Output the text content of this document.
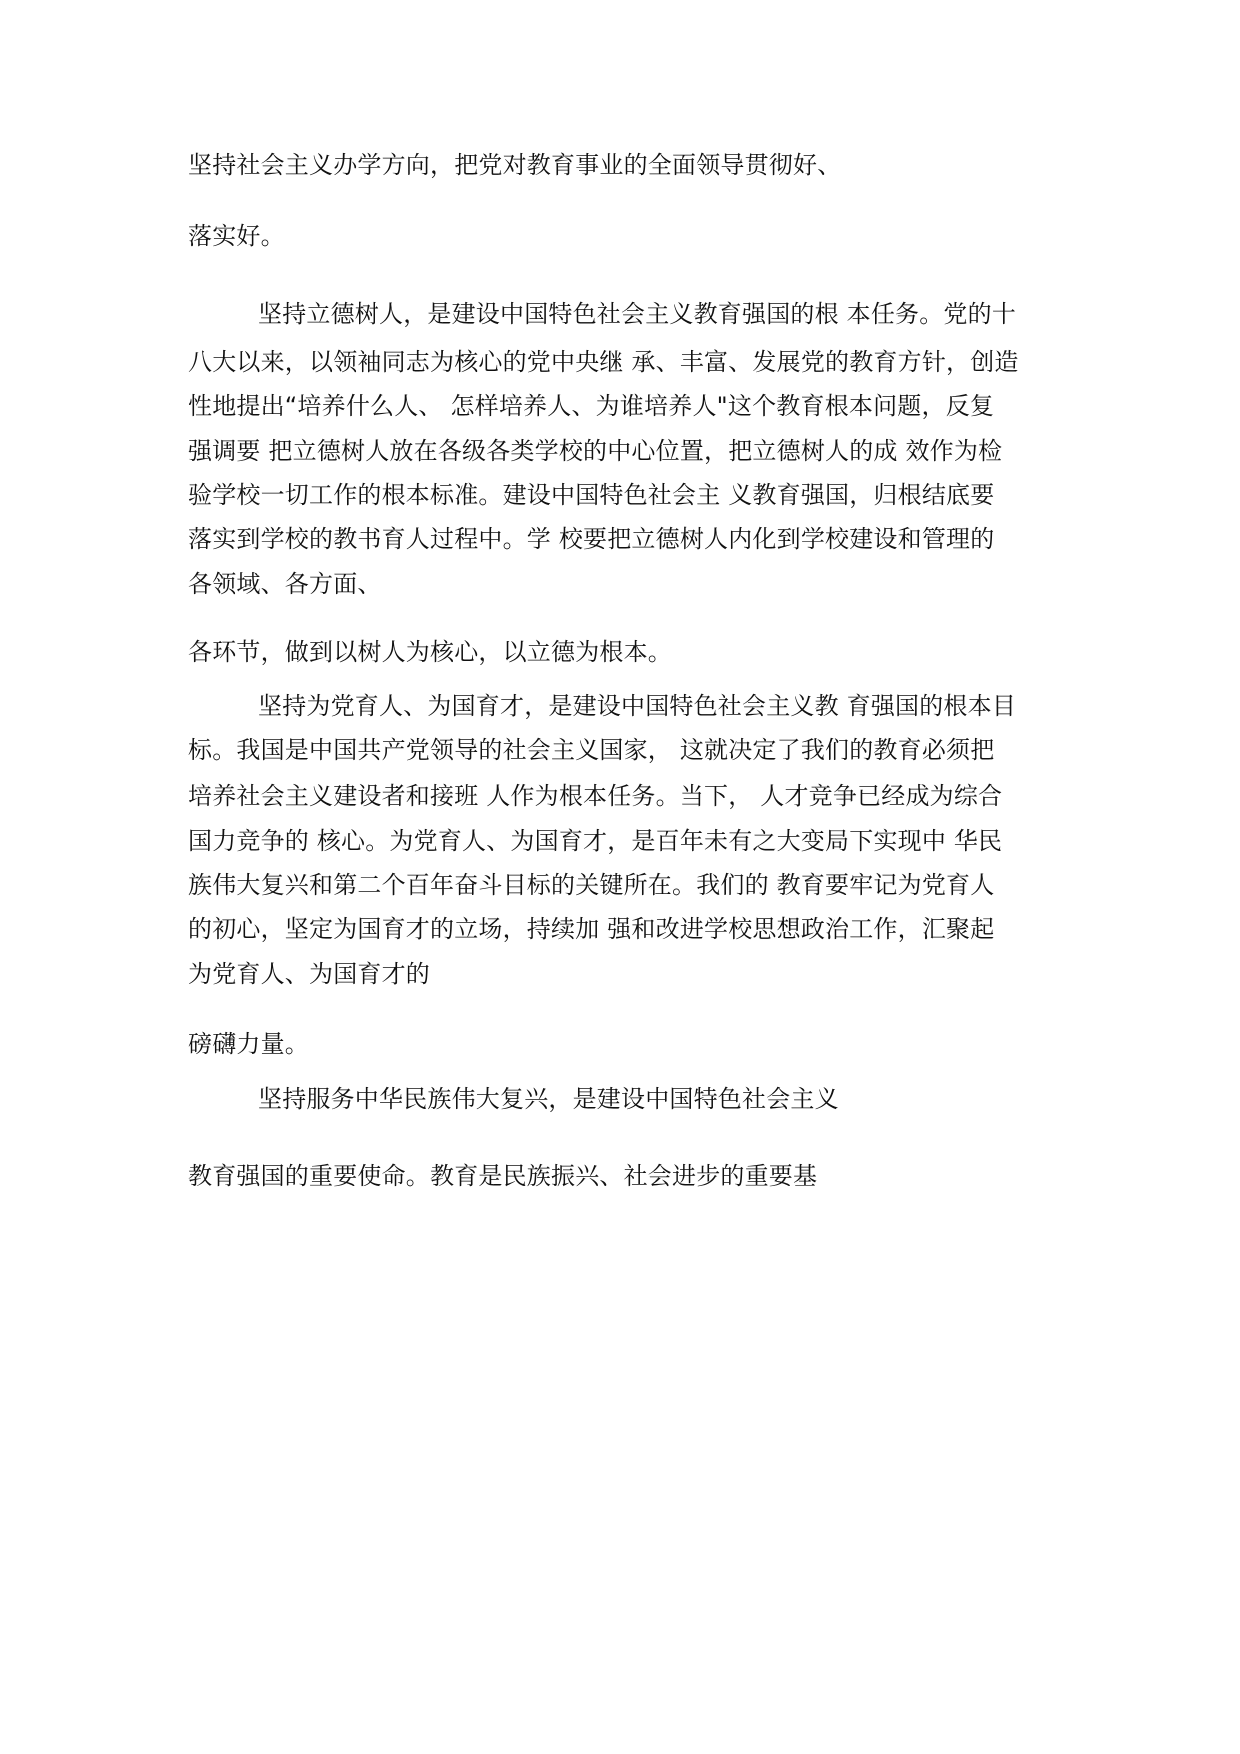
坚持社会主义办学方向，把党对教育事业的全面领导贯彻好、

落实好。

坚持立德树人，是建设中国特色社会主义教育强国的根 本任务。党的十

八大以来，以领袖同志为核心的党中央继 承、丰富、发展党的教育方针，创造

性地提出“培养什么人、 怎样培养人、为谁培养人"这个教育根本问题，反复

强调要 把立德树人放在各级各类学校的中心位置，把立德树人的成 效作为检

验学校一切工作的根本标准。建设中国特色社会主 义教育强国，归根结底要

落实到学校的教书育人过程中。学 校要把立德树人内化到学校建设和管理的

各领域、各方面、

各环节，做到以树人为核心，以立德为根本。

坚持为党育人、为国育才，是建设中国特色社会主义教 育强国的根本目

标。我国是中国共产党领导的社会主义国家， 这就决定了我们的教育必须把

培养社会主义建设者和接班 人作为根本任务。当下， 人才竞争已经成为综合

国力竞争的 核心。为党育人、为国育才，是百年未有之大变局下实现中 华民

族伟大复兴和第二个百年奋斗目标的关键所在。我们的 教育要牢记为党育人

的初心，坚定为国育才的立场，持续加 强和改进学校思想政治工作，汇聚起

为党育人、为国育才的

磅礴力量。

坚持服务中华民族伟大复兴，是建设中国特色社会主义

教育强国的重要使命。教育是民族振兴、社会进步的重要基
